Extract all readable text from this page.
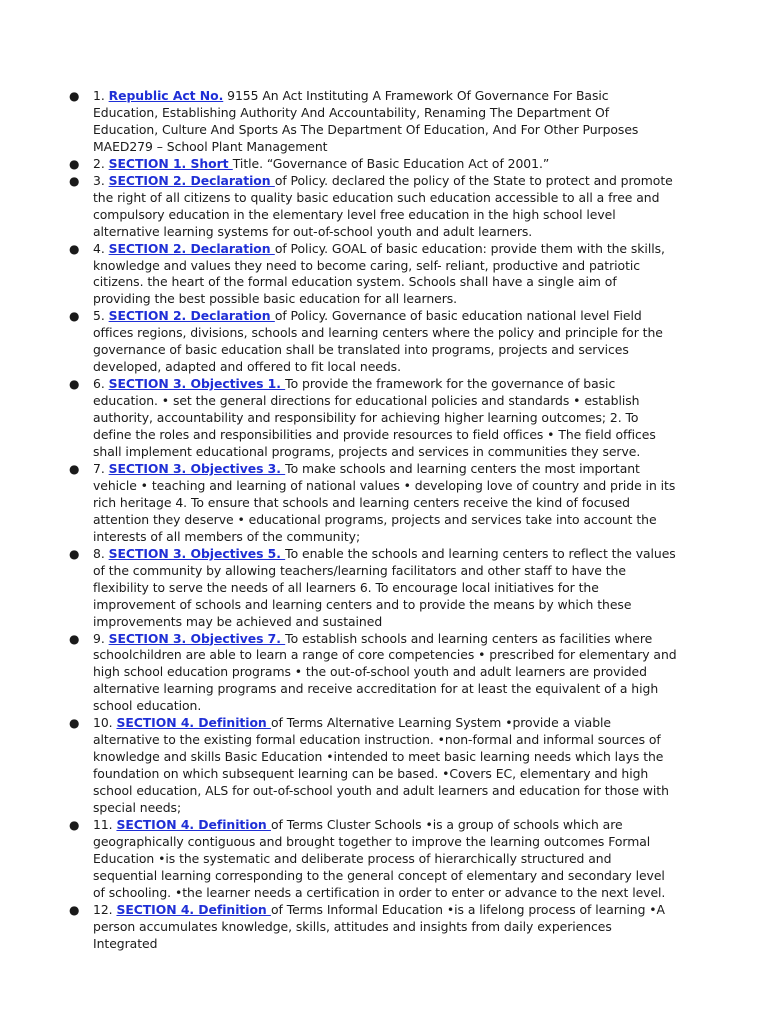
● 1. Republic Act No. 9155 An Act Instituting A Framework Of Governance For Basic Education, Establishing Authority And Accountability, Renaming The Department Of Education, Culture And Sports As The Department Of Education, And For Other Purposes MAED279 – School Plant Management
● 2. SECTION 1. Short Title. “Governance of Basic Education Act of 2001.”
● 3. SECTION 2. Declaration of Policy. declared the policy of the State to protect and promote the right of all citizens to quality basic education such education accessible to all a free and compulsory education in the elementary level free education in the high school level alternative learning systems for out-of-school youth and adult learners.
● 4. SECTION 2. Declaration of Policy. GOAL of basic education: provide them with the skills, knowledge and values they need to become caring, self- reliant, productive and patriotic citizens. the heart of the formal education system. Schools shall have a single aim of providing the best possible basic education for all learners.
● 5. SECTION 2. Declaration of Policy. Governance of basic education national level Field offices regions, divisions, schools and learning centers where the policy and principle for the governance of basic education shall be translated into programs, projects and services developed, adapted and offered to fit local needs.
● 6. SECTION 3. Objectives 1. To provide the framework for the governance of basic education. • set the general directions for educational policies and standards • establish authority, accountability and responsibility for achieving higher learning outcomes; 2. To define the roles and responsibilities and provide resources to field offices • The field offices shall implement educational programs, projects and services in communities they serve.
● 7. SECTION 3. Objectives 3. To make schools and learning centers the most important vehicle • teaching and learning of national values • developing love of country and pride in its rich heritage 4. To ensure that schools and learning centers receive the kind of focused attention they deserve • educational programs, projects and services take into account the interests of all members of the community;
● 8. SECTION 3. Objectives 5. To enable the schools and learning centers to reflect the values of the community by allowing teachers/learning facilitators and other staff to have the flexibility to serve the needs of all learners 6. To encourage local initiatives for the improvement of schools and learning centers and to provide the means by which these improvements may be achieved and sustained
● 9. SECTION 3. Objectives 7. To establish schools and learning centers as facilities where schoolchildren are able to learn a range of core competencies • prescribed for elementary and high school education programs • the out-of-school youth and adult learners are provided alternative learning programs and receive accreditation for at least the equivalent of a high school education.
● 10. SECTION 4. Definition of Terms Alternative Learning System •provide a viable alternative to the existing formal education instruction. •non-formal and informal sources of knowledge and skills Basic Education •intended to meet basic learning needs which lays the foundation on which subsequent learning can be based. •Covers EC, elementary and high school education, ALS for out-of-school youth and adult learners and education for those with special needs;
● 11. SECTION 4. Definition of Terms Cluster Schools •is a group of schools which are geographically contiguous and brought together to improve the learning outcomes Formal Education •is the systematic and deliberate process of hierarchically structured and sequential learning corresponding to the general concept of elementary and secondary level of schooling. •the learner needs a certification in order to enter or advance to the next level.
● 12. SECTION 4. Definition of Terms Informal Education •is a lifelong process of learning •A person accumulates knowledge, skills, attitudes and insights from daily experiences Integrated
